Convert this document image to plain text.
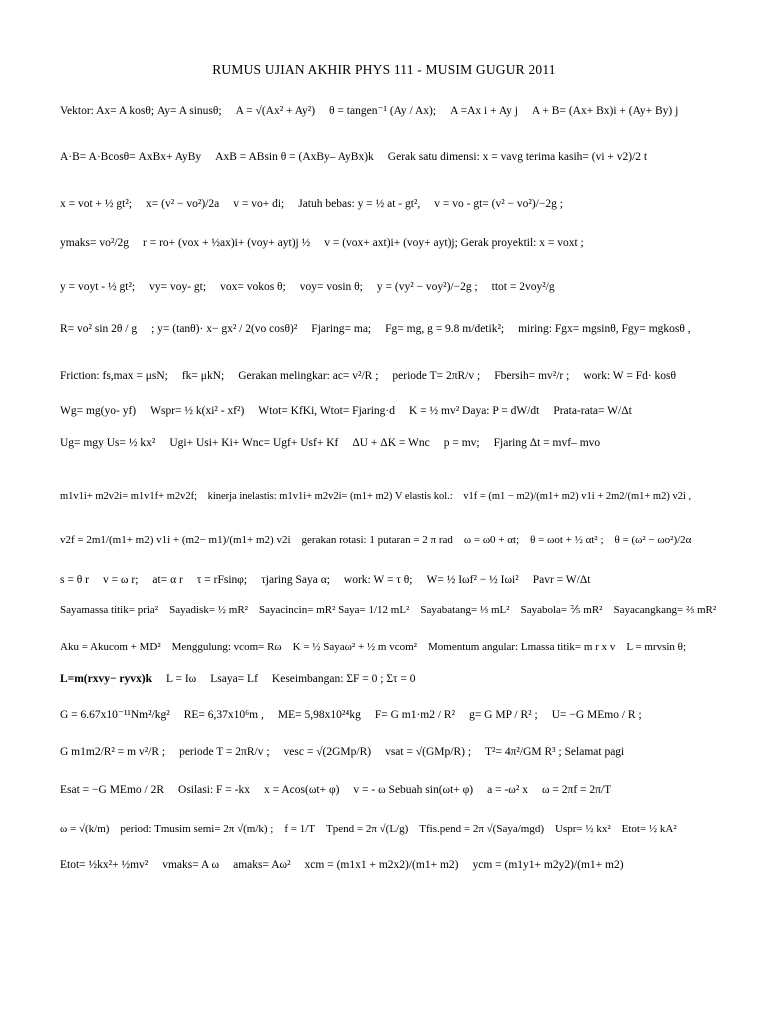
RUMUS UJIAN AKHIR PHYS 111 - MUSIM GUGUR 2011
Vektor: Ax= A kosθ; Ay= A sinusθ; A = √(Ax² + Ay²) θ = tangen⁻¹ (Ay / Ax); A =Ax i + Ay j A + B= (Ax+ Bx)i + (Ay+ By) j
A·B= A·Bcosθ= AxBx+ AyBy AxB = ABsin θ = (AxBy– AyBx)k Gerak satu dimensi: x = vavg terima kasih= (vi + v2)/2 t
x = vot + ½ gt²; x= (v² − vo²)/2a v = vo+ di; Jatuh bebas: y = ½ at - gt², v = vo - gt= (v² − vo²)/−2g ;
ymaks= vo²/2g r = ro+ (vox + ½ax)i+ (voy+ ayt)j ½ v = (vox+ axt)i+ (voy+ ayt)j; Gerak proyektil: x = voxt ;
y = voyt - ½ gt²; vy= voy- gt; vox= vokos θ; voy= vosin θ; y = (vy² − voy²)/−2g ; ttot = 2voy²/g
R= vo² sin 2θ / g ; y= (tanθ)· x− gx² / 2(vo cosθ)² Fjaring= ma; Fg= mg, g = 9.8 m/detik²; miring: Fgx= mgsinθ, Fgy= mgkosθ ,
Friction: fs,max = μsN; fk= μkN; Gerakan melingkar: ac= v²/R ; periode T= 2πR/v ; Fbersih= mv²/r ; work: W = Fd· kosθ
Wg= mg(yo- yf) Wspr= ½ k(xi² - xf²) Wtot= KfKi, Wtot= Fjaring·d K = ½ mv² Daya: P = dW/dt Prata-rata= W/Δt
Ug= mgy Us= ½ kx² Ugi+ Usi+ Ki+ Wnc= Ugf+ Usf+ Kf ΔU + ΔK = Wnc p = mv; Fjaring Δt = mvf– mvo
m1v1i+ m2v2i= m1v1f+ m2v2f; kinerja inelastis: m1v1i+ m2v2i= (m1+ m2) V elastis kol.: v1f = (m1 − m2)/(m1+ m2) v1i + 2m2/(m1+ m2) v2i ,
v2f = 2m1/(m1+ m2) v1i + (m2− m1)/(m1+ m2) v2i gerakan rotasi: 1 putaran = 2 π rad ω = ω0 + αt; θ = ωot + ½ αt² ; θ = (ω² − ωo²)/2α
s = θ r v = ω r; at= α r τ = rFsinφ; τjaring Saya α; work: W = τ θ; W= ½ Iωf² − ½ Iωi² Pavr = W/Δt
Sayamassa titik= pria² Sayadisk= ½ mR² Sayacincin= mR² Saya= 1/12 mL² Sayabatang= ⅓ mL² Sayabola= ⅖ mR² Sayacangkang= ⅔ mR²
Aku = Akucom + MD² Menggulung: vcom= Rω K = ½ Sayaω² + ½ m vcom² Momentum angular: Lmassa titik= m r x v L = mrvsin θ;
L=m(rxvy− ryvx)k L = Iω Lsaya= Lf Keseimbangan: ΣF = 0 ; Στ = 0
G = 6.67x10⁻¹¹Nm²/kg² RE= 6,37x10⁶m , ME= 5,98x10²⁴kg F= G m1·m2 / R² g= G MP / R² ; U= −G MEmo / R ;
G m1m2/R² = m v²/R ; periode T = 2πR/v ; vesc = √(2GMp/R) vsat = √(GMp/R) ; T²= 4π²/GM R³ ; Selamat pagi
Esat = −G MEmo / 2R Osilasi: F = -kx x = Acos(ωt+ φ) v = - ω Sebuah sin(ωt+ φ) a = -ω² x ω = 2πf = 2π/T
ω = √(k/m) period: Tmusim semi= 2π √(m/k) ; f = 1/T Tpend = 2π √(L/g) Tfis.pend = 2π √(Saya/mgd) Uspr= ½ kx² Etot= ½ kA²
Etot= ½kx²+ ½mv² vmaks= A ω amaks= Aω² xcm = (m1x1 + m2x2)/(m1+ m2) ycm = (m1y1+ m2y2)/(m1+ m2)
